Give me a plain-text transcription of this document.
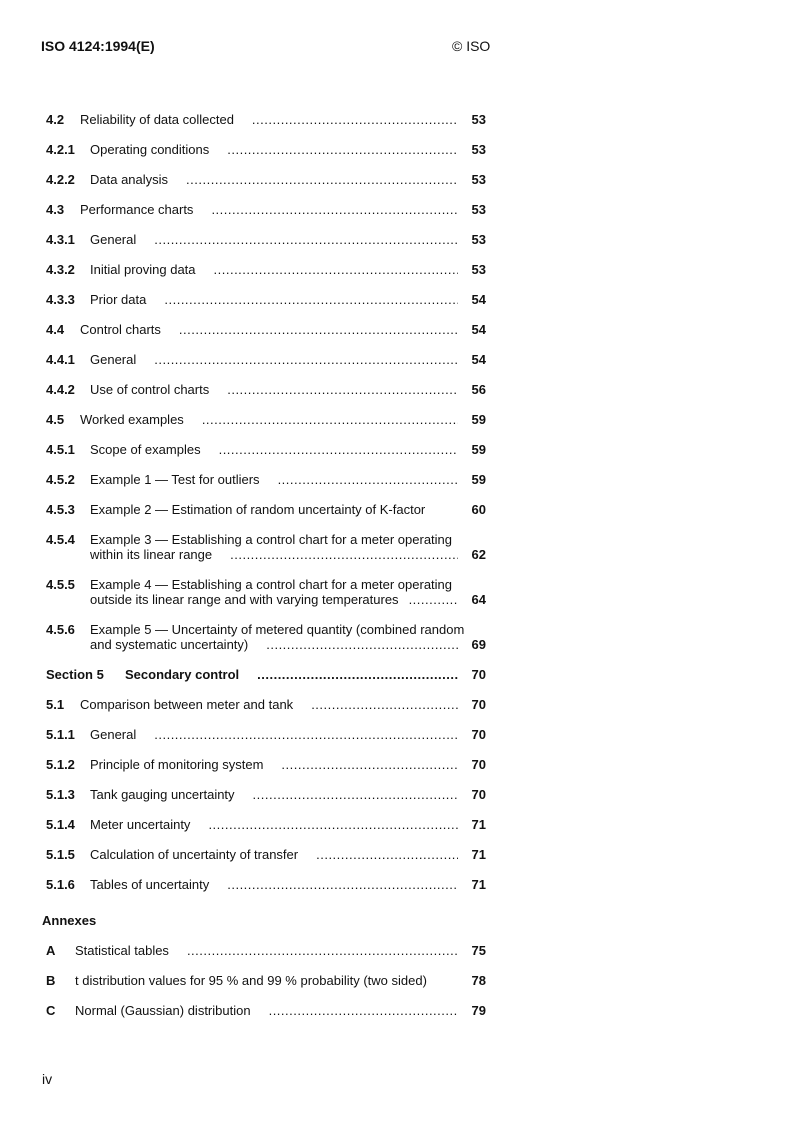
ISO 4124:1994(E)	© ISO
4.2	Reliability of data collected .....	53
4.2.1	Operating conditions .....	53
4.2.2	Data analysis .....	53
4.3	Performance charts .....	53
4.3.1	General .....	53
4.3.2	Initial proving data .....	53
4.3.3	Prior data .....	54
4.4	Control charts .....	54
4.4.1	General .....	54
4.4.2	Use of control charts .....	56
4.5	Worked examples .....	59
4.5.1	Scope of examples .....	59
4.5.2	Example 1 — Test for outliers .....	59
4.5.3	Example 2 — Estimation of random uncertainty of K-factor	60
4.5.4	Example 3 — Establishing a control chart for a meter operating
within its linear range .....	62
4.5.5	Example 4 — Establishing a control chart for a meter operating
outside its linear range and with varying temperatures .....	64
4.5.6	Example 5 — Uncertainty of metered quantity (combined random
and systematic uncertainty) .....	69
Section 5	Secondary control .....	70
5.1	Comparison between meter and tank .....	70
5.1.1	General .....	70
5.1.2	Principle of monitoring system .....	70
5.1.3	Tank gauging uncertainty .....	70
5.1.4	Meter uncertainty .....	71
5.1.5	Calculation of uncertainty of transfer .....	71
5.1.6	Tables of uncertainty .....	71
Annexes
A	Statistical tables .....	75
B	t distribution values for 95 % and 99 % probability (two sided)	78
C	Normal (Gaussian) distribution .....	79
iv
